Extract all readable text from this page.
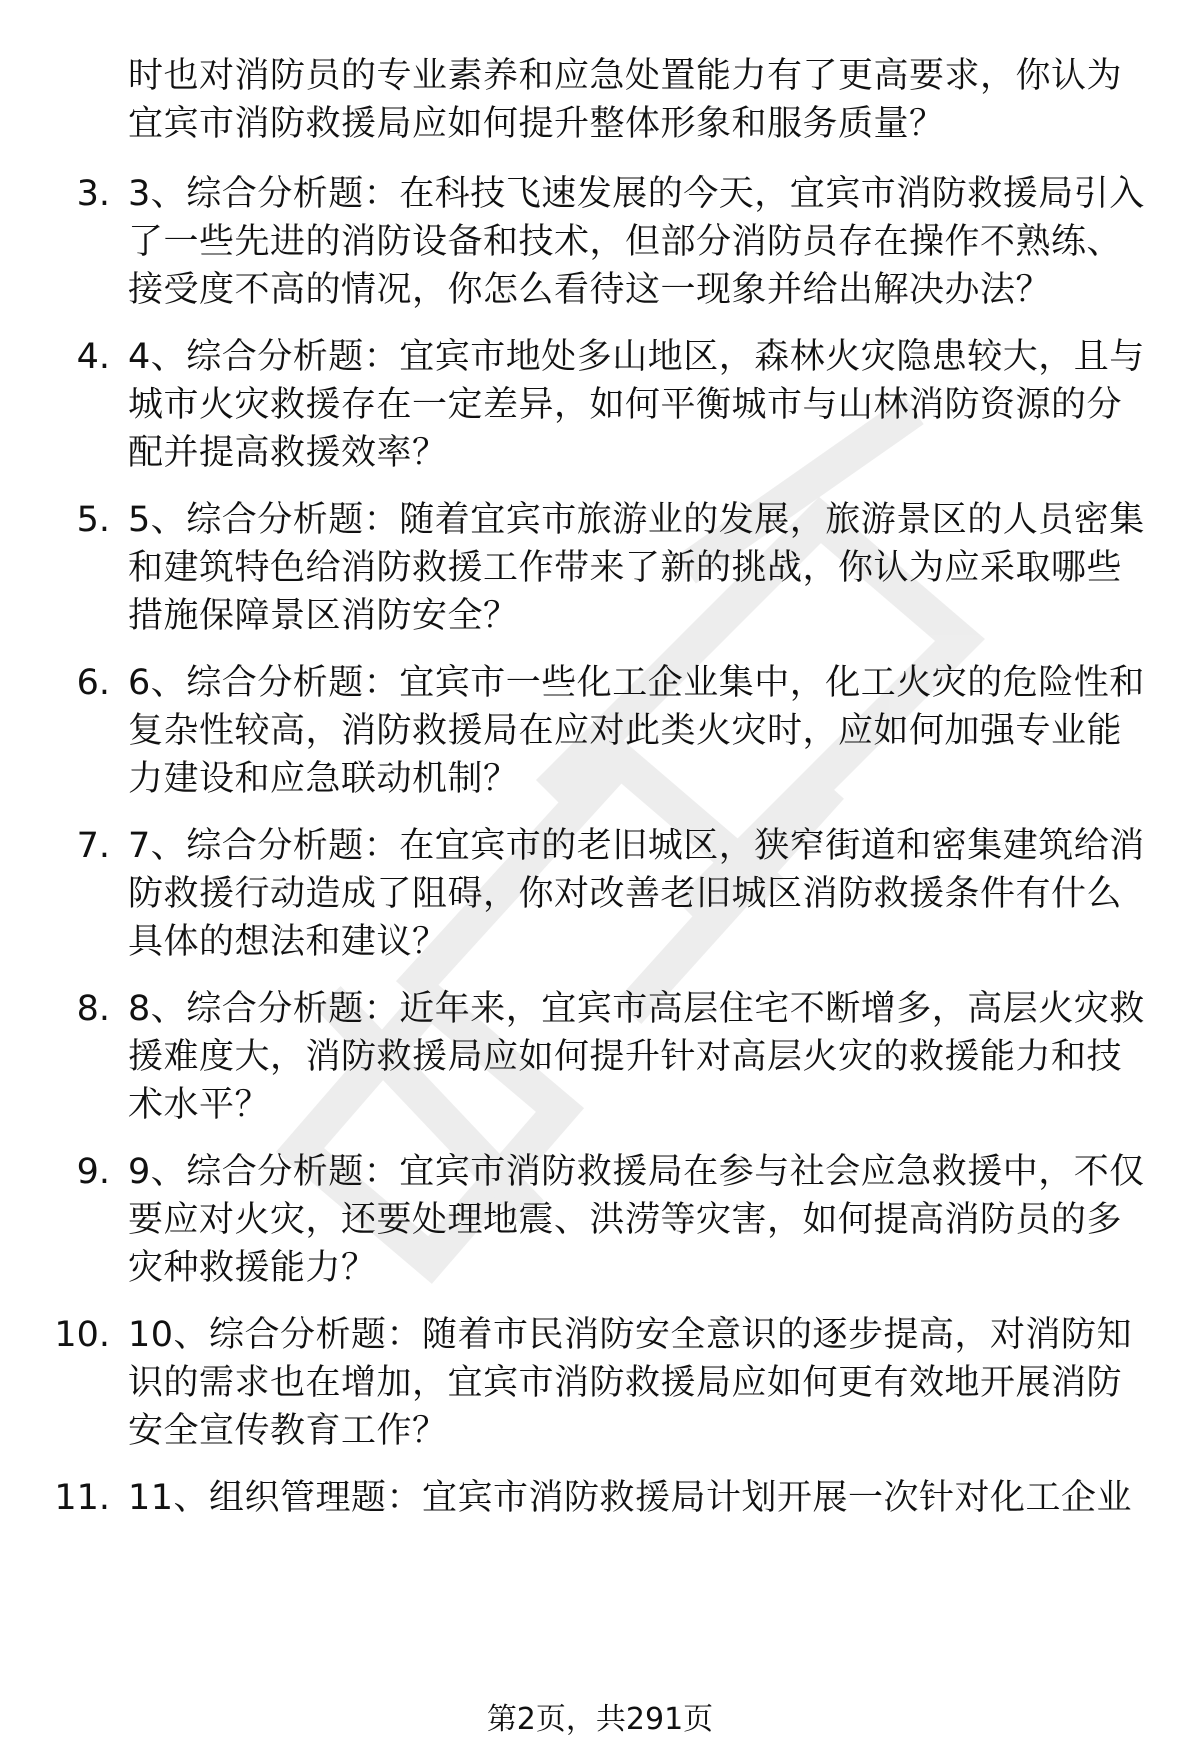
时也对消防员的专业素养和应急处置能力有了更高要求，你认为
宜宾市消防救援局应如何提升整体形象和服务质量？
3. 3、综合分析题：在科技飞速发展的今天，宜宾市消防救援局引入
了一些先进的消防设备和技术，但部分消防员存在操作不熟练、
接受度不高的情况，你怎么看待这一现象并给出解决办法？
4. 4、综合分析题：宜宾市地处多山地区，森林火灾隐患较大，且与
城市火灾救援存在一定差异，如何平衡城市与山林消防资源的分
配并提高救援效率？
5. 5、综合分析题：随着宜宾市旅游业的发展，旅游景区的人员密集
和建筑特色给消防救援工作带来了新的挑战，你认为应采取哪些
措施保障景区消防安全？
6. 6、综合分析题：宜宾市一些化工企业集中，化工火灾的危险性和
复杂性较高，消防救援局在应对此类火灾时，应如何加强专业能
力建设和应急联动机制？
7. 7、综合分析题：在宜宾市的老旧城区，狭窄街道和密集建筑给消
防救援行动造成了阻碍，你对改善老旧城区消防救援条件有什么
具体的想法和建议？
8. 8、综合分析题：近年来，宜宾市高层住宅不断增多，高层火灾救
援难度大，消防救援局应如何提升针对高层火灾的救援能力和技
术水平？
9. 9、综合分析题：宜宾市消防救援局在参与社会应急救援中，不仅
要应对火灾，还要处理地震、洪涝等灾害，如何提高消防员的多
灾种救援能力？
10. 10、综合分析题：随着市民消防安全意识的逐步提高，对消防知
识的需求也在增加，宜宾市消防救援局应如何更有效地开展消防
安全宣传教育工作？
11. 11、组织管理题：宜宾市消防救援局计划开展一次针对化工企业
第2页，共291页
